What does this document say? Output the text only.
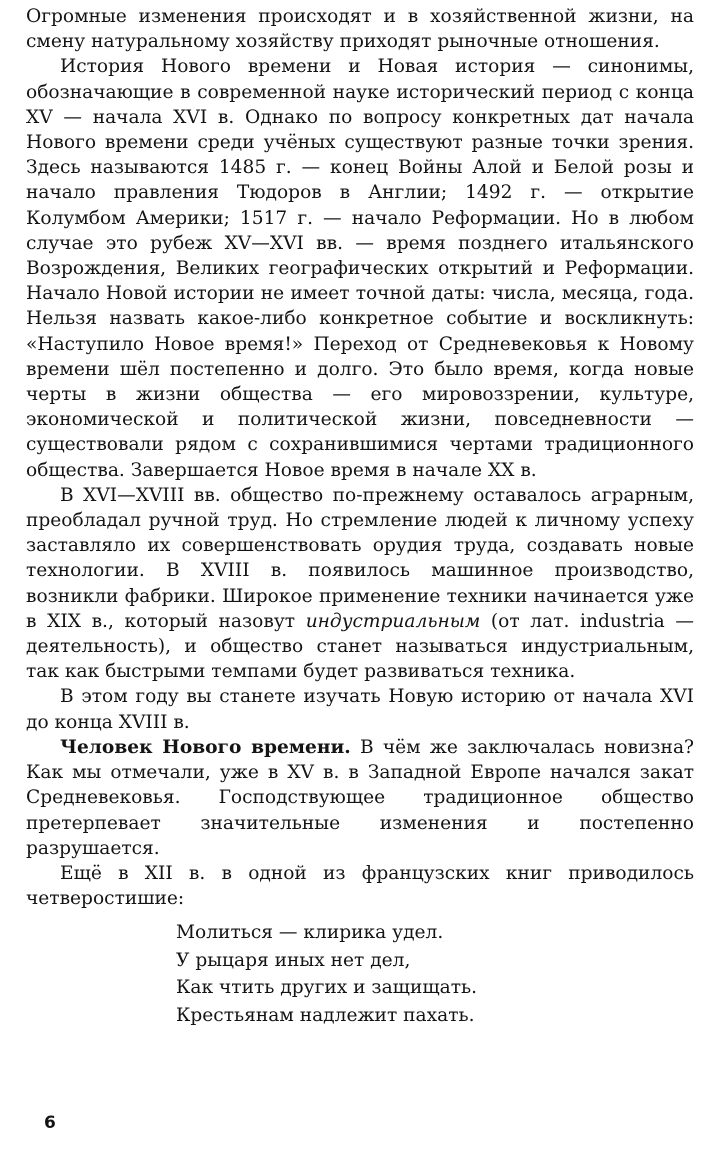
Огромные изменения происходят и в хозяйственной жизни, на смену натуральному хозяйству приходят рыночные отношения.

История Нового времени и Новая история — синонимы, обозначающие в современной науке исторический период с конца XV — начала XVI в. Однако по вопросу конкретных дат начала Нового времени среди учёных существуют разные точки зрения. Здесь называются 1485 г. — конец Войны Алой и Белой розы и начало правления Тюдоров в Англии; 1492 г. — открытие Колумбом Америки; 1517 г. — начало Реформации. Но в любом случае это рубеж XV—XVI вв. — время позднего итальянского Возрождения, Великих географических открытий и Реформации. Начало Новой истории не имеет точной даты: числа, месяца, года. Нельзя назвать какое-либо конкретное событие и воскликнуть: «Наступило Новое время!» Переход от Средневековья к Новому времени шёл постепенно и долго. Это было время, когда новые черты в жизни общества — его мировоззрении, культуре, экономической и политической жизни, повседневности — существовали рядом с сохранившимися чертами традиционного общества. Завершается Новое время в начале XX в.

В XVI—XVIII вв. общество по-прежнему оставалось аграрным, преобладал ручной труд. Но стремление людей к личному успеху заставляло их совершенствовать орудия труда, создавать новые технологии. В XVIII в. появилось машинное производство, возникли фабрики. Широкое применение техники начинается уже в XIX в., который назовут индустриальным (от лат. industria — деятельность), и общество станет называться индустриальным, так как быстрыми темпами будет развиваться техника.

В этом году вы станете изучать Новую историю от начала XVI до конца XVIII в.

Человек Нового времени. В чём же заключалась новизна? Как мы отмечали, уже в XV в. в Западной Европе начался закат Средневековья. Господствующее традиционное общество претерпевает значительные изменения и постепенно разрушается.

Ещё в XII в. в одной из французских книг приводилось четверостишие:

Молиться — клирика удел.
У рыцаря иных нет дел,
Как чтить других и защищать.
Крестьянам надлежит пахать.
6
